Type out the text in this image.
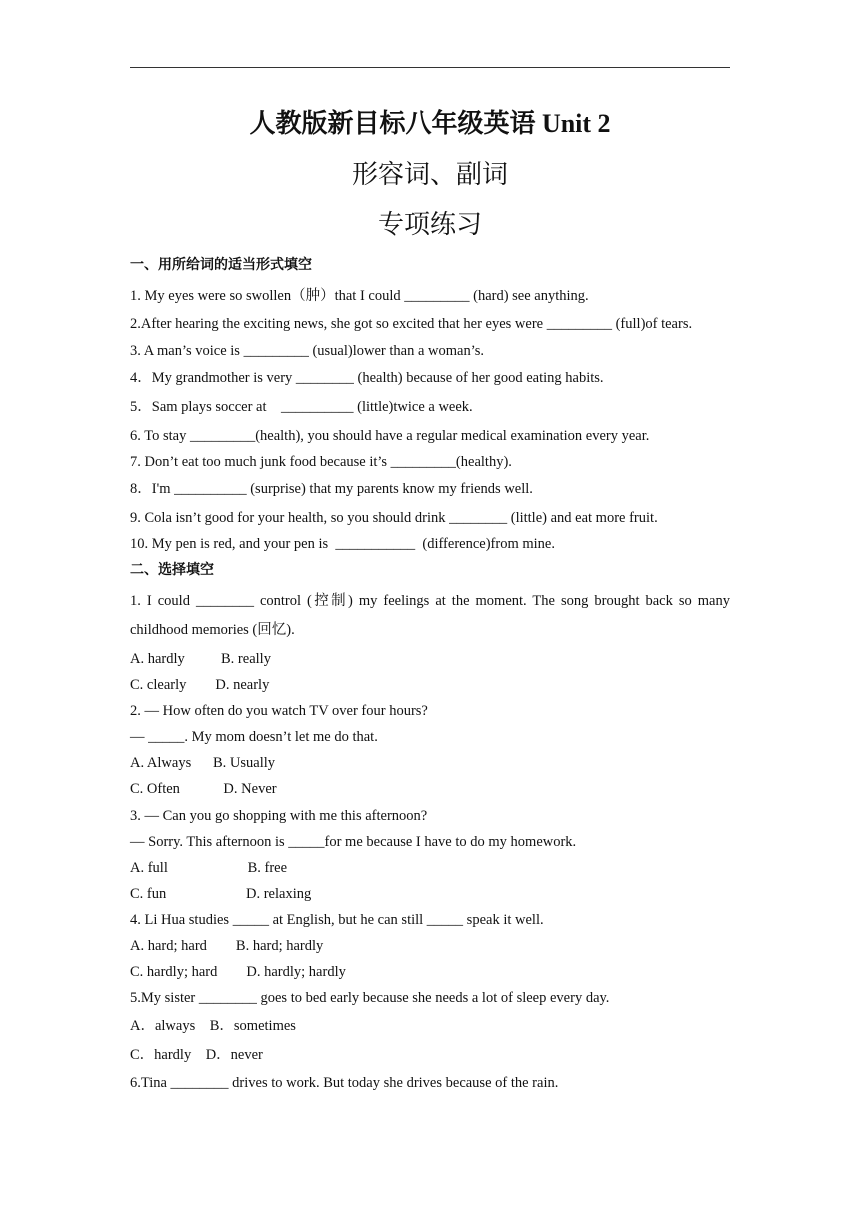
人教版新目标八年级英语 Unit 2
形容词、副词
专项练习
一、用所给词的适当形式填空
1. My eyes were so swollen（肿）that I could _________ (hard) see anything.
2.After hearing the exciting news, she got so excited that her eyes were _________ (full)of tears.
3. A man’s voice is _________ (usual)lower than a woman’s.
4．My grandmother is very ________ (health) because of her good eating habits.
5．Sam plays soccer at    __________ (little)twice a week.
6. To stay _________(health), you should have a regular medical examination every year.
7. Don’t eat too much junk food because it’s _________(healthy).
8．I'm __________ (surprise) that my parents know my friends well.
9. Cola isn’t good for your health, so you should drink ________ (little) and eat more fruit.
10. My pen is red, and your pen is  ___________  (difference)from mine.
二、选择填空
1. I could ________ control (控制) my feelings at the moment. The song brought back so many
childhood memories (回忆).
A. hardly          B. really
C. clearly        D. nearly
2. — How often do you watch TV over four hours?
— _____. My mom doesn’t let me do that.
A. Always      B. Usually
C. Often            D. Never
3. — Can you go shopping with me this afternoon?
— Sorry. This afternoon is _____for me because I have to do my homework.
A. full                      B. free
C. fun                      D. relaxing
4. Li Hua studies _____ at English, but he can still _____ speak it well.
A. hard; hard        B. hard; hardly
C. hardly; hard        D. hardly; hardly
5.My sister ________ goes to bed early because she needs a lot of sleep every day.
A．always    B．sometimes
C．hardly    D．never
6.Tina ________ drives to work. But today she drives because of the rain.
